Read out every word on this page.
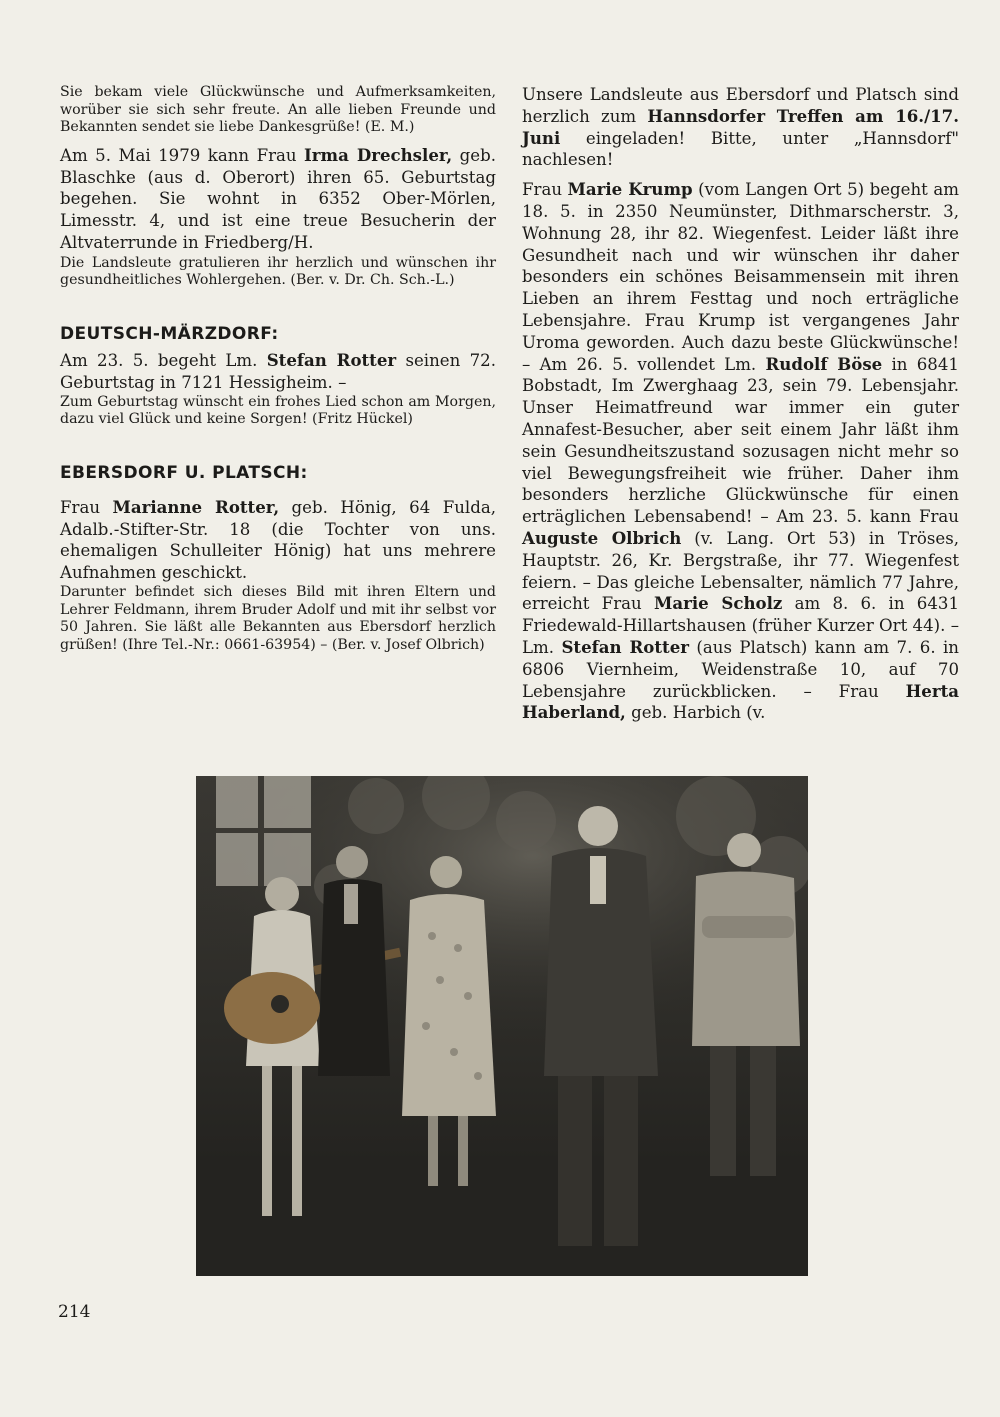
Sie bekam viele Glückwünsche und Aufmerksamkeiten, worüber sie sich sehr freute. An alle lieben Freunde und Bekannten sendet sie liebe Dankesgrüße! (E. M.)

Am 5. Mai 1979 kann Frau Irma Drechsler, geb. Blaschke (aus d. Oberort) ihren 65. Geburtstag begehen. Sie wohnt in 6352 Ober-Mörlen, Limesstr. 4, und ist eine treue Besucherin der Altvaterrunde in Friedberg/H.

Die Landsleute gratulieren ihr herzlich und wünschen ihr gesundheitliches Wohlergehen. (Ber. v. Dr. Ch. Sch.-L.)

DEUTSCH-MÄRZDORF:

Am 23. 5. begeht Lm. Stefan Rotter seinen 72. Geburtstag in 7121 Hessigheim. –

Zum Geburtstag wünscht ein frohes Lied schon am Morgen, dazu viel Glück und keine Sorgen! (Fritz Hückel)

EBERSDORF U. PLATSCH:

Frau Marianne Rotter, geb. Hönig, 64 Fulda, Adalb.-Stifter-Str. 18 (die Tochter von uns. ehemaligen Schulleiter Hönig) hat uns mehrere Aufnahmen geschickt.

Darunter befindet sich dieses Bild mit ihren Eltern und Lehrer Feldmann, ihrem Bruder Adolf und mit ihr selbst vor 50 Jahren. Sie läßt alle Bekannten aus Ebersdorf herzlich grüßen! (Ihre Tel.-Nr.: 0661-63954) – (Ber. v. Josef Olbrich)

Unsere Landsleute aus Ebersdorf und Platsch sind herzlich zum Hannsdorfer Treffen am 16./17. Juni eingeladen! Bitte, unter „Hannsdorf" nachlesen!

Frau Marie Krump (vom Langen Ort 5) begeht am 18. 5. in 2350 Neumünster, Dithmarscherstr. 3, Wohnung 28, ihr 82. Wiegenfest. Leider läßt ihre Gesundheit nach und wir wünschen ihr daher besonders ein schönes Beisammensein mit ihren Lieben an ihrem Festtag und noch erträgliche Lebensjahre. Frau Krump ist vergangenes Jahr Uroma geworden. Auch dazu beste Glückwünsche! – Am 26. 5. vollendet Lm. Rudolf Böse in 6841 Bobstadt, Im Zwerghaag 23, sein 79. Lebensjahr. Unser Heimatfreund war immer ein guter Annafest-Besucher, aber seit einem Jahr läßt ihm sein Gesundheitszustand sozusagen nicht mehr so viel Bewegungsfreiheit wie früher. Daher ihm besonders herzliche Glückwünsche für einen erträglichen Lebensabend! – Am 23. 5. kann Frau Auguste Olbrich (v. Lang. Ort 53) in Tröses, Hauptstr. 26, Kr. Bergstraße, ihr 77. Wiegenfest feiern. – Das gleiche Lebensalter, nämlich 77 Jahre, erreicht Frau Marie Scholz am 8. 6. in 6431 Friedewald-Hillartshausen (früher Kurzer Ort 44). – Lm. Stefan Rotter (aus Platsch) kann am 7. 6. in 6806 Viernheim, Weidenstraße 10, auf 70 Lebensjahre zurückblicken. – Frau Herta Haberland, geb. Harbich (v.

214
